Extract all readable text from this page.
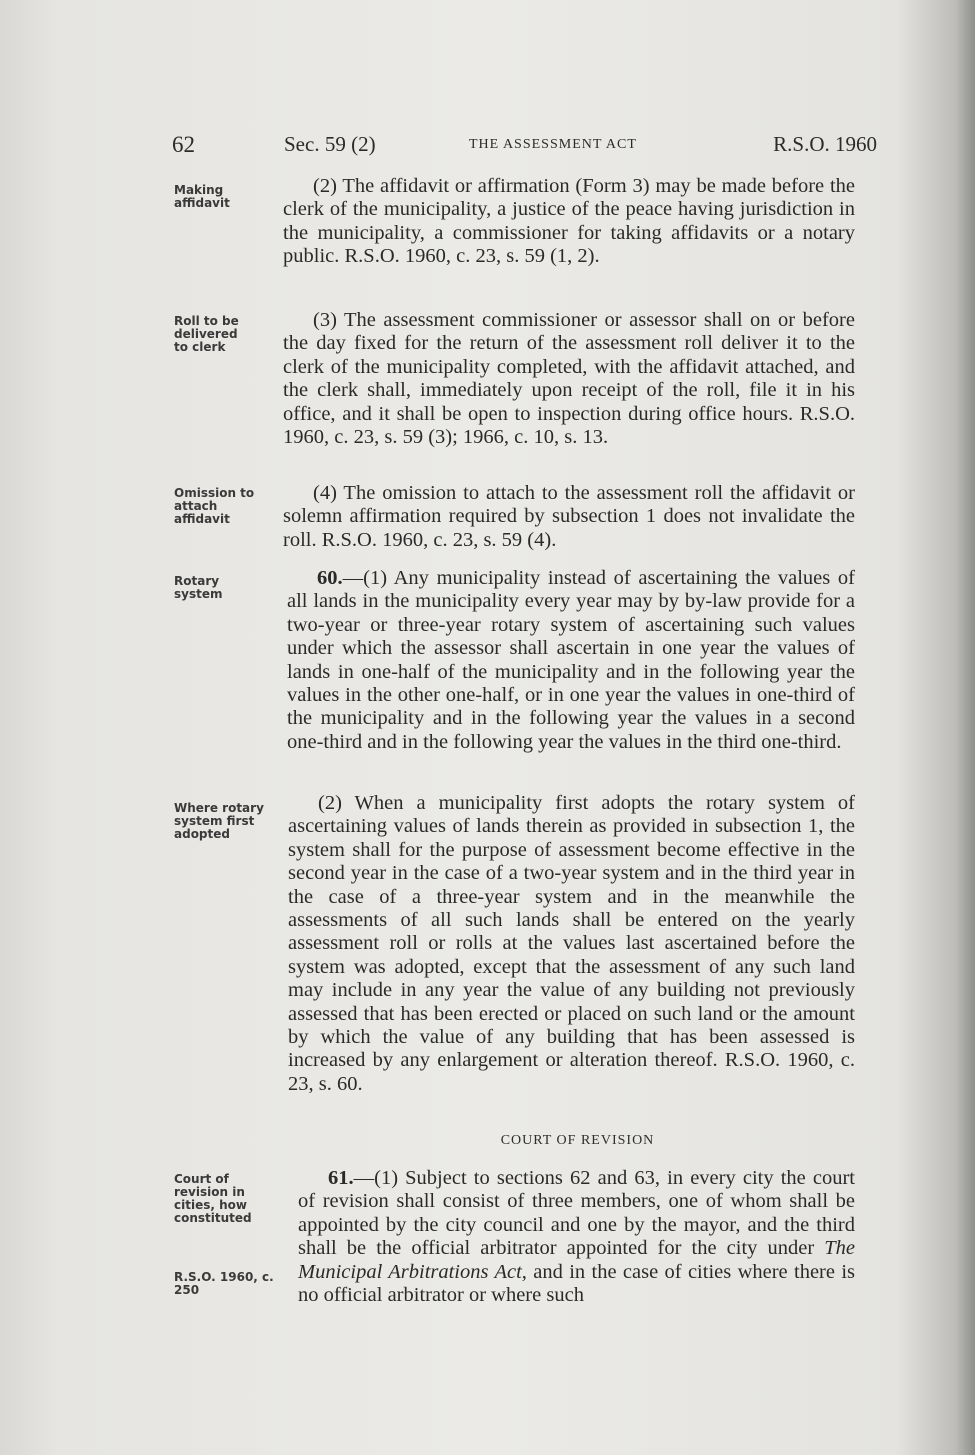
62	Sec. 59 (2)	THE ASSESSMENT ACT	R.S.O. 1960
Making affidavit
(2) The affidavit or affirmation (Form 3) may be made before the clerk of the municipality, a justice of the peace having jurisdiction in the municipality, a commissioner for taking affidavits or a notary public. R.S.O. 1960, c. 23, s. 59 (1, 2).
Roll to be delivered to clerk
(3) The assessment commissioner or assessor shall on or before the day fixed for the return of the assessment roll deliver it to the clerk of the municipality completed, with the affidavit attached, and the clerk shall, immediately upon receipt of the roll, file it in his office, and it shall be open to inspection during office hours. R.S.O. 1960, c. 23, s. 59 (3); 1966, c. 10, s. 13.
Omission to attach affidavit
(4) The omission to attach to the assessment roll the affidavit or solemn affirmation required by subsection 1 does not invalidate the roll. R.S.O. 1960, c. 23, s. 59 (4).
Rotary system
60.—(1) Any municipality instead of ascertaining the values of all lands in the municipality every year may by by-law provide for a two-year or three-year rotary system of ascertaining such values under which the assessor shall ascertain in one year the values of lands in one-half of the municipality and in the following year the values in the other one-half, or in one year the values in one-third of the municipality and in the following year the values in a second one-third and in the following year the values in the third one-third.
Where rotary system first adopted
(2) When a municipality first adopts the rotary system of ascertaining values of lands therein as provided in subsection 1, the system shall for the purpose of assessment become effective in the second year in the case of a two-year system and in the third year in the case of a three-year system and in the meanwhile the assessments of all such lands shall be entered on the yearly assessment roll or rolls at the values last ascertained before the system was adopted, except that the assessment of any such land may include in any year the value of any building not previously assessed that has been erected or placed on such land or the amount by which the value of any building that has been assessed is increased by any enlargement or alteration thereof. R.S.O. 1960, c. 23, s. 60.
COURT OF REVISION
Court of revision in cities, how constituted
R.S.O. 1960, c. 250
61.—(1) Subject to sections 62 and 63, in every city the court of revision shall consist of three members, one of whom shall be appointed by the city council and one by the mayor, and the third shall be the official arbitrator appointed for the city under The Municipal Arbitrations Act, and in the case of cities where there is no official arbitrator or where such
